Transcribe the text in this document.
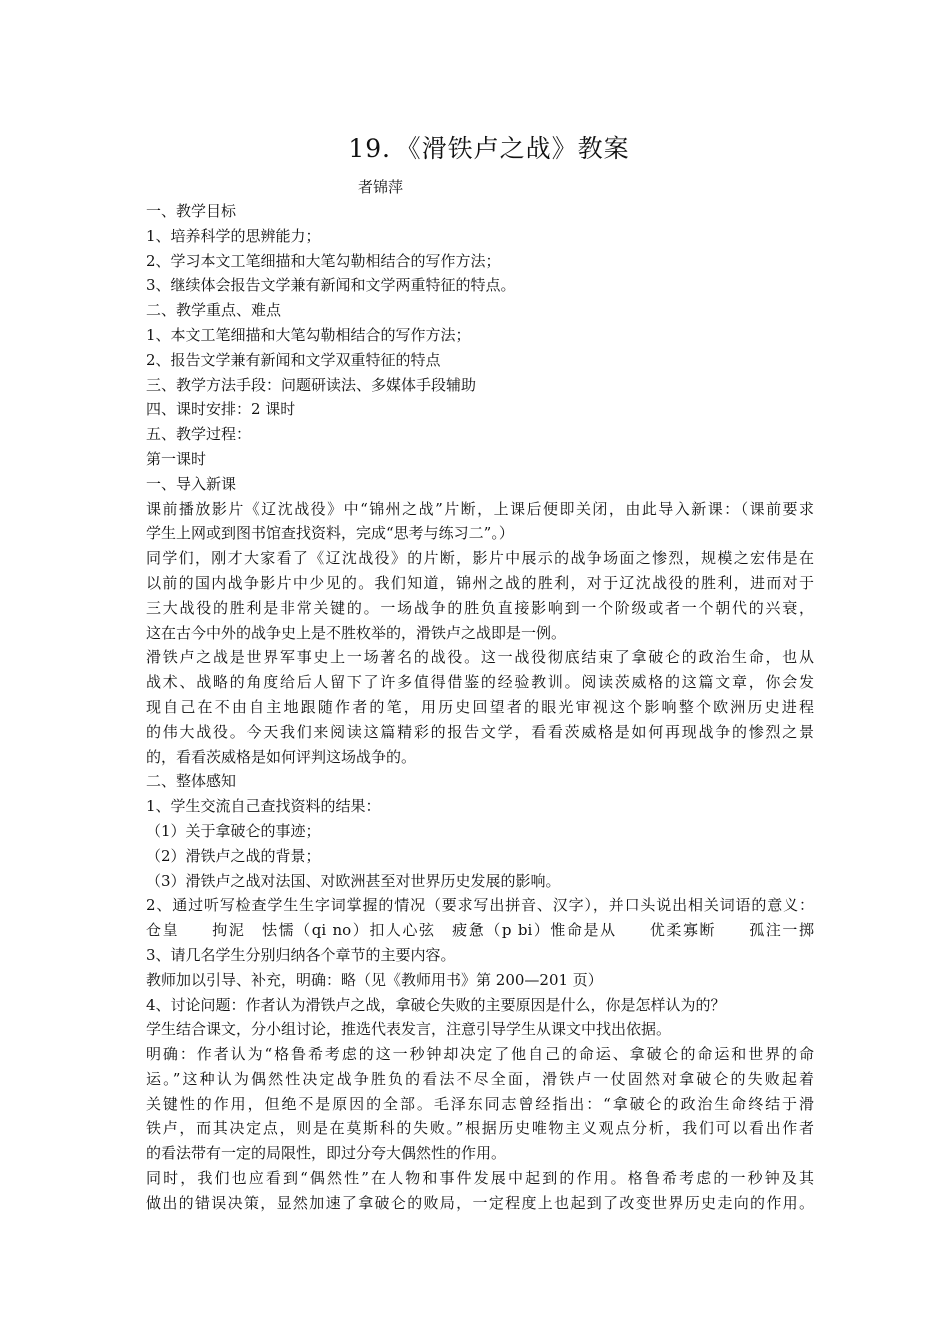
19．《滑铁卢之战》教案
者锦萍
一、教学目标
1、培养科学的思辨能力；
2、学习本文工笔细描和大笔勾勒相结合的写作方法；
3、继续体会报告文学兼有新闻和文学两重特征的特点。
二、教学重点、难点
1、本文工笔细描和大笔勾勒相结合的写作方法；
2、报告文学兼有新闻和文学双重特征的特点
三、教学方法手段：问题研读法、多媒体手段辅助
四、课时安排：2 课时
五、教学过程：
第一课时
一、导入新课
课前播放影片《辽沈战役》中“锦州之战”片断，上课后便即关闭，由此导入新课：（课前要求
学生上网或到图书馆查找资料，完成“思考与练习二”。）
同学们，刚才大家看了《辽沈战役》的片断，影片中展示的战争场面之惨烈，规模之宏伟是在
以前的国内战争影片中少见的。我们知道，锦州之战的胜利，对于辽沈战役的胜利，进而对于
三大战役的胜利是非常关键的。一场战争的胜负直接影响到一个阶级或者一个朝代的兴衰，
这在古今中外的战争史上是不胜枚举的，滑铁卢之战即是一例。
滑铁卢之战是世界军事史上一场著名的战役。这一战役彻底结束了拿破仑的政治生命，也从
战术、战略的角度给后人留下了许多值得借鉴的经验教训。阅读茨威格的这篇文章，你会发
现自己在不由自主地跟随作者的笔，用历史回望者的眼光审视这个影响整个欧洲历史进程
的伟大战役。今天我们来阅读这篇精彩的报告文学，看看茨威格是如何再现战争的惨烈之景
的，看看茨威格是如何评判这场战争的。
二、整体感知
1、学生交流自己查找资料的结果：
（1）关于拿破仑的事迹；
（2）滑铁卢之战的背景；
（3）滑铁卢之战对法国、对欧洲甚至对世界历史发展的影响。
2、通过听写检查学生生字词掌握的情况（要求写出拼音、汉字），并口头说出相关词语的意义：
仓皇　　拘泥　怯懦（qi no）扣人心弦　疲惫（p bi）惟命是从　　优柔寡断　　孤注一掷
3、请几名学生分别归纳各个章节的主要内容。
教师加以引导、补充，明确：略（见《教师用书》第 200—201 页）
4、讨论问题：作者认为滑铁卢之战，拿破仑失败的主要原因是什么，你是怎样认为的？
学生结合课文，分小组讨论，推选代表发言，注意引导学生从课文中找出依据。
明确：作者认为“格鲁希考虑的这一秒钟却决定了他自己的命运、拿破仑的命运和世界的命
运。”这种认为偶然性决定战争胜负的看法不尽全面，滑铁卢一仗固然对拿破仑的失败起着
关键性的作用，但绝不是原因的全部。毛泽东同志曾经指出：“拿破仑的政治生命终结于滑
铁卢，而其决定点，则是在莫斯科的失败。”根据历史唯物主义观点分析，我们可以看出作者
的看法带有一定的局限性，即过分夸大偶然性的作用。
同时，我们也应看到“偶然性”在人物和事件发展中起到的作用。格鲁希考虑的一秒钟及其
做出的错误决策，显然加速了拿破仑的败局，一定程度上也起到了改变世界历史走向的作用。
